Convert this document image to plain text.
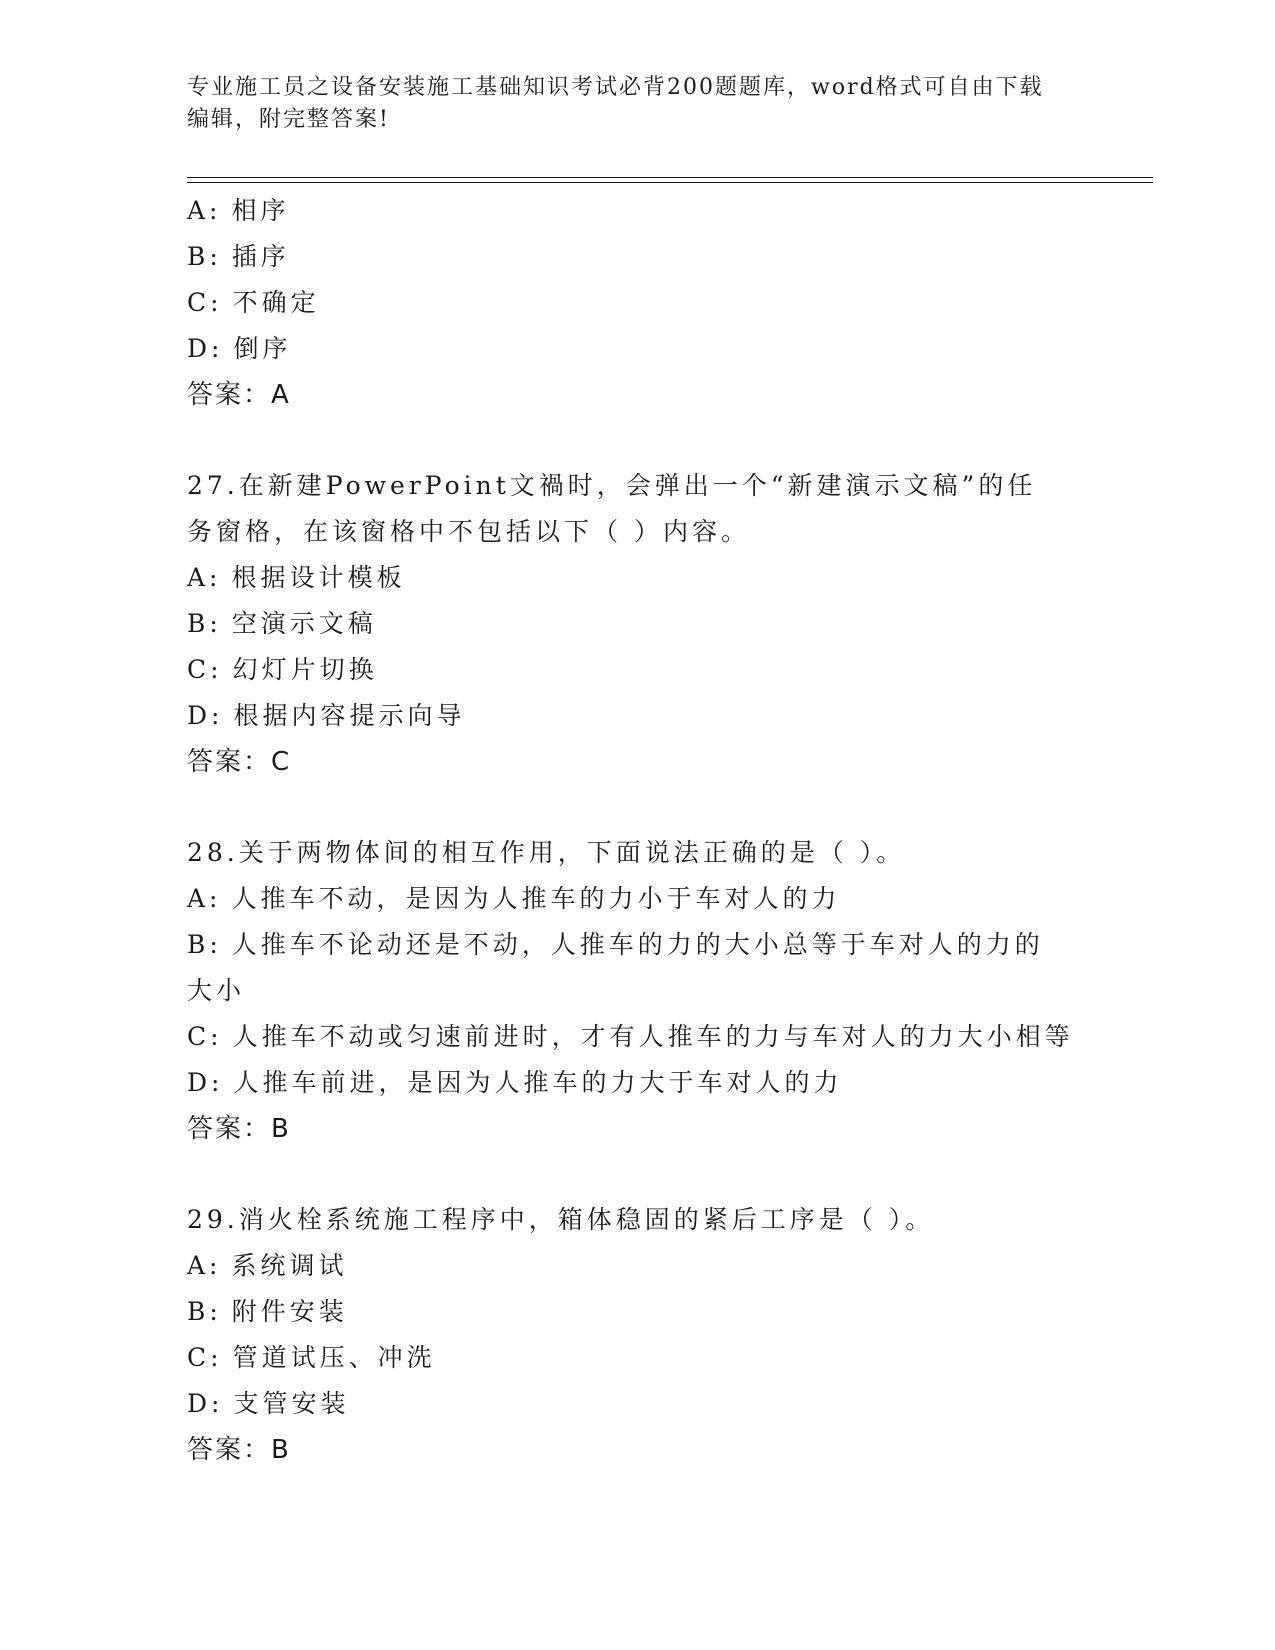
专业施工员之设备安装施工基础知识考试必背200题题库，word格式可自由下载编辑，附完整答案!
A: 相序
B: 插序
C: 不确定
D: 倒序
答案：A
27.在新建PowerPoint文禍时，会弹出一个“新建演示文稿”的任务窗格，在该窗格中不包括以下（ ）内容。
A: 根据设计模板
B: 空演示文稿
C: 幻灯片切换
D: 根据内容提示向导
答案：C
28.关于两物体间的相互作用，下面说法正确的是（ ）。
A: 人推车不动，是因为人推车的力小于车对人的力
B: 人推车不论动还是不动，人推车的力的大小总等于车对人的力的大小
C: 人推车不动或匀速前进时，才有人推车的力与车对人的力大小相等
D: 人推车前进，是因为人推车的力大于车对人的力
答案：B
29.消火栓系统施工程序中，箱体稳固的紧后工序是（ ）。
A: 系统调试
B: 附件安装
C: 管道试压、冲洗
D: 支管安装
答案：B
